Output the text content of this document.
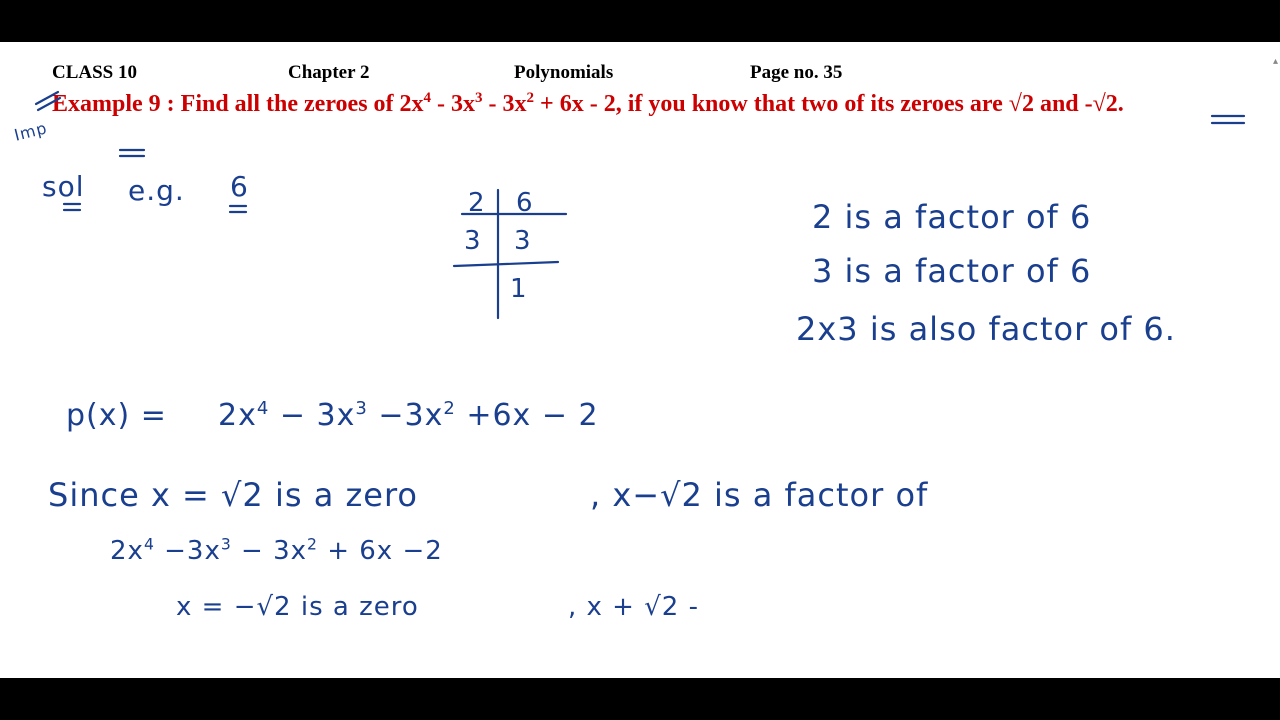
▴
CLASS 10	Chapter 2	Polynomials	Page no. 35
Example 9 : Find all the zeroes of $2x^4 - 3x^3 - 3x^2 + 6x - 2$, if you know that two of its zeroes are √2 and -√2.
Imp
sol e.g. 6	2 6
3 3
1
2 is a factor of 6
3 is a factor of 6
2x3 is also factor of 6.
$p(x) = 2x^4 - 3x^3 -3x^2 +6x - 2$
Since x = √2 is a zero	, x−√2 is a factor of
$2x^4 -3x^3 - 3x^2 + 6x -2$
x = −√2 is a zero	, x + √2 -
